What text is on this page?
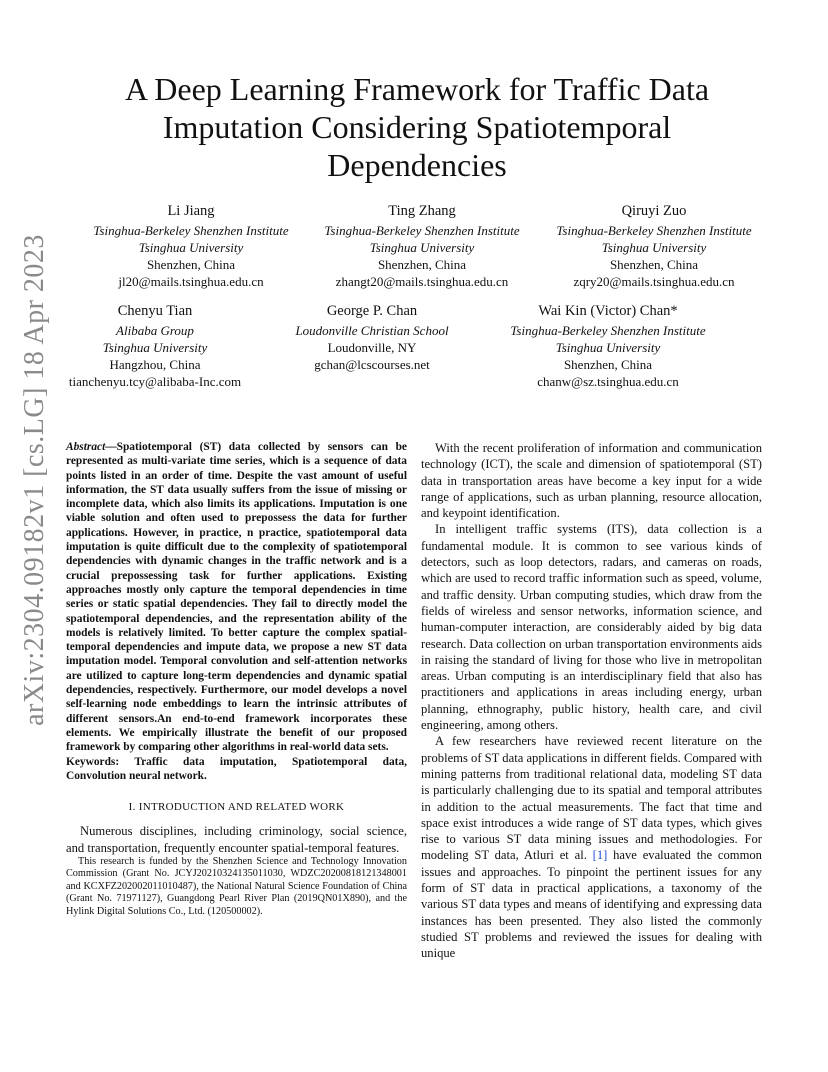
arXiv:2304.09182v1 [cs.LG] 18 Apr 2023
A Deep Learning Framework for Traffic Data Imputation Considering Spatiotemporal Dependencies
Li Jiang
Tsinghua-Berkeley Shenzhen Institute
Tsinghua University
Shenzhen, China
jl20@mails.tsinghua.edu.cn
Ting Zhang
Tsinghua-Berkeley Shenzhen Institute
Tsinghua University
Shenzhen, China
zhangt20@mails.tsinghua.edu.cn
Qiruyi Zuo
Tsinghua-Berkeley Shenzhen Institute
Tsinghua University
Shenzhen, China
zqry20@mails.tsinghua.edu.cn
Chenyu Tian
Alibaba Group
Tsinghua University
Hangzhou, China
tianchenyu.tcy@alibaba-Inc.com
George P. Chan
Loudonville Christian School
Loudonville, NY
gchan@lcscourses.net
Wai Kin (Victor) Chan*
Tsinghua-Berkeley Shenzhen Institute
Tsinghua University
Shenzhen, China
chanw@sz.tsinghua.edu.cn

Abstract—Spatiotemporal (ST) data collected by sensors can be represented as multi-variate time series, which is a sequence of data points listed in an order of time. Despite the vast amount of useful information, the ST data usually suffers from the issue of missing or incomplete data, which also limits its applications. Imputation is one viable solution and often used to prepossess the data for further applications. However, in practice, n practice, spatiotemporal data imputation is quite difficult due to the complexity of spatiotemporal dependencies with dynamic changes in the traffic network and is a crucial prepossessing task for further applications. Existing approaches mostly only capture the temporal dependencies in time series or static spatial dependencies. They fail to directly model the spatiotemporal dependencies, and the representation ability of the models is relatively limited. To better capture the complex spatial-temporal dependencies and impute data, we propose a new ST data imputation model. Temporal convolution and self-attention networks are utilized to capture long-term dependencies and dynamic spatial dependencies, respectively. Furthermore, our model develops a novel self-learning node embeddings to learn the intrinsic attributes of different sensors.An end-to-end framework incorporates these elements. We empirically illustrate the benefit of our proposed framework by comparing other algorithms in real-world data sets.

Keywords: Traffic data imputation, Spatiotemporal data, Convolution neural network.

I. INTRODUCTION AND RELATED WORK

Numerous disciplines, including criminology, social science, and transportation, frequently encounter spatial-temporal features.

This research is funded by the Shenzhen Science and Technology Innovation Commission (Grant No. JCYJ20210324135011030, WDZC20200818121348001 and KCXFZ202002011010487), the National Natural Science Foundation of China (Grant No. 71971127), Guangdong Pearl River Plan (2019QN01X890), and the Hylink Digital Solutions Co., Ltd. (120500002).

With the recent proliferation of information and communication technology (ICT), the scale and dimension of spatiotemporal (ST) data in transportation areas have become a key input for a wide range of applications, such as urban planning, resource allocation, and keypoint identification.

In intelligent traffic systems (ITS), data collection is a fundamental module. It is common to see various kinds of detectors, such as loop detectors, radars, and cameras on roads, which are used to record traffic information such as speed, volume, and traffic density. Urban computing studies, which draw from the fields of wireless and sensor networks, information science, and human-computer interaction, are considerably aided by big data research. Data collection on urban transportation environments aids in raising the standard of living for those who live in metropolitan areas. Urban computing is an interdisciplinary field that also has practitioners and applications in areas including energy, urban planning, ethnography, public history, health care, and civil engineering, among others.

A few researchers have reviewed recent literature on the problems of ST data applications in different fields. Compared with mining patterns from traditional relational data, modeling ST data is particularly challenging due to its spatial and temporal attributes in addition to the actual measurements. The fact that time and space exist introduces a wide range of ST data types, which gives rise to various ST data mining issues and methodologies. For modeling ST data, Atluri et al. [1] have evaluated the common issues and approaches. To pinpoint the pertinent issues for any form of ST data in practical applications, a taxonomy of the various ST data types and means of identifying and expressing data instances has been presented. They also listed the commonly studied ST problems and reviewed the issues for dealing with unique
